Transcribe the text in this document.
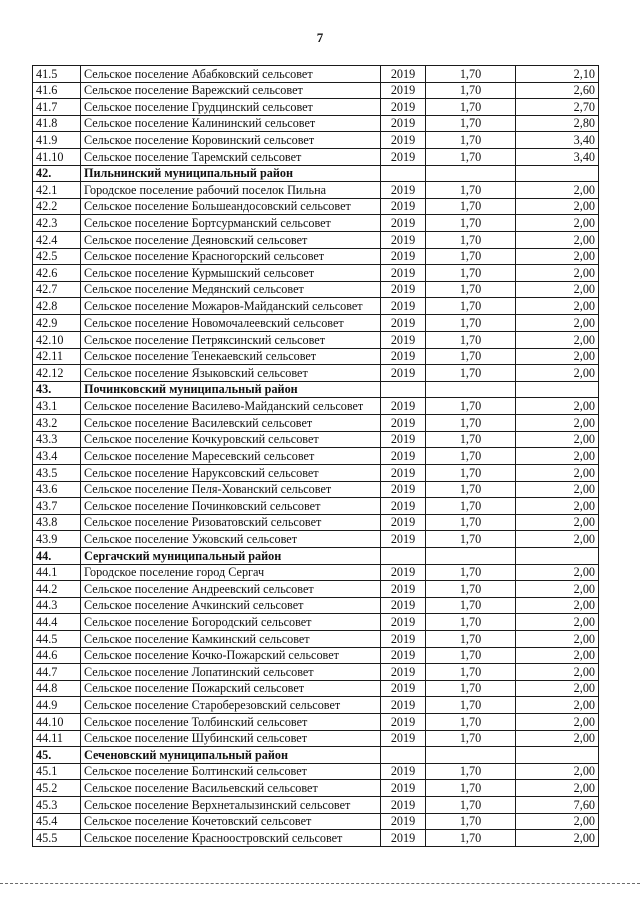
7
41.5	Сельское поселение Абабковский сельсовет	2019	1,70	2,10
41.6	Сельское поселение Варежский сельсовет	2019	1,70	2,60
41.7	Сельское поселение Грудцинский сельсовет	2019	1,70	2,70
41.8	Сельское поселение Калининский сельсовет	2019	1,70	2,80
41.9	Сельское поселение Коровинский сельсовет	2019	1,70	3,40
41.10	Сельское поселение Таремский сельсовет	2019	1,70	3,40
42.	Пильнинский муниципальный район			
42.1	Городское поселение рабочий поселок Пильна	2019	1,70	2,00
42.2	Сельское поселение Большеандосовский сельсовет	2019	1,70	2,00
42.3	Сельское поселение Бортсурманский сельсовет	2019	1,70	2,00
42.4	Сельское поселение Деяновский сельсовет	2019	1,70	2,00
42.5	Сельское поселение Красногорский сельсовет	2019	1,70	2,00
42.6	Сельское поселение Курмышский сельсовет	2019	1,70	2,00
42.7	Сельское поселение Медянский сельсовет	2019	1,70	2,00
42.8	Сельское поселение Можаров-Майданский сельсовет	2019	1,70	2,00
42.9	Сельское поселение Новомочалеевский сельсовет	2019	1,70	2,00
42.10	Сельское поселение Петряксинский сельсовет	2019	1,70	2,00
42.11	Сельское поселение Тенекаевский сельсовет	2019	1,70	2,00
42.12	Сельское поселение Языковский сельсовет	2019	1,70	2,00
43.	Починковский муниципальный район			
43.1	Сельское поселение Василево-Майданский сельсовет	2019	1,70	2,00
43.2	Сельское поселение Василевский сельсовет	2019	1,70	2,00
43.3	Сельское поселение Кочкуровский сельсовет	2019	1,70	2,00
43.4	Сельское поселение Маресевский сельсовет	2019	1,70	2,00
43.5	Сельское поселение Наруксовский сельсовет	2019	1,70	2,00
43.6	Сельское поселение Пеля-Хованский сельсовет	2019	1,70	2,00
43.7	Сельское поселение Починковский сельсовет	2019	1,70	2,00
43.8	Сельское поселение Ризоватовский сельсовет	2019	1,70	2,00
43.9	Сельское поселение Ужовский сельсовет	2019	1,70	2,00
44.	Сергачский муниципальный район			
44.1	Городское поселение город Сергач	2019	1,70	2,00
44.2	Сельское поселение Андреевский сельсовет	2019	1,70	2,00
44.3	Сельское поселение Ачкинский сельсовет	2019	1,70	2,00
44.4	Сельское поселение Богородский сельсовет	2019	1,70	2,00
44.5	Сельское поселение Камкинский сельсовет	2019	1,70	2,00
44.6	Сельское поселение Кочко-Пожарский сельсовет	2019	1,70	2,00
44.7	Сельское поселение Лопатинский сельсовет	2019	1,70	2,00
44.8	Сельское поселение Пожарский сельсовет	2019	1,70	2,00
44.9	Сельское поселение Староберезовский сельсовет	2019	1,70	2,00
44.10	Сельское поселение Толбинский сельсовет	2019	1,70	2,00
44.11	Сельское поселение Шубинский сельсовет	2019	1,70	2,00
45.	Сеченовский муниципальный район			
45.1	Сельское поселение Болтинский сельсовет	2019	1,70	2,00
45.2	Сельское поселение Васильевский сельсовет	2019	1,70	2,00
45.3	Сельское поселение Верхнеталызинский сельсовет	2019	1,70	7,60
45.4	Сельское поселение Кочетовский сельсовет	2019	1,70	2,00
45.5	Сельское поселение Красноостровский сельсовет	2019	1,70	2,00
